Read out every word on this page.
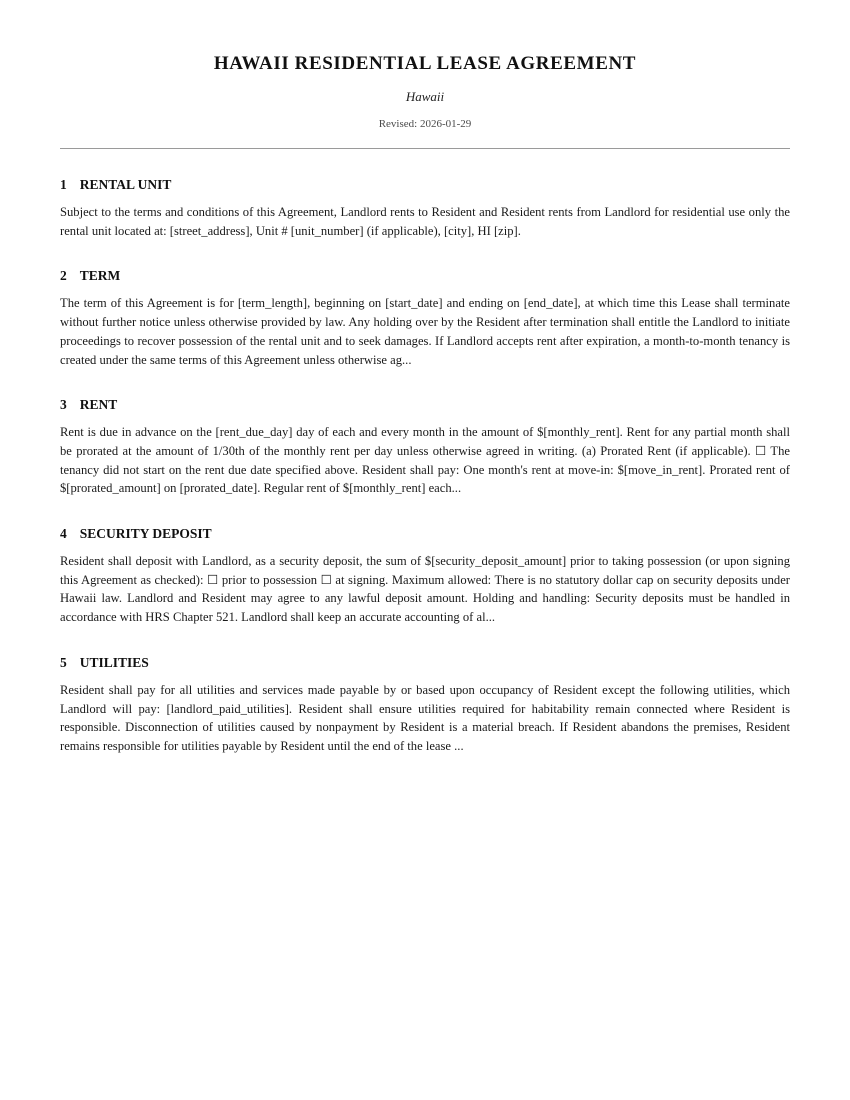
HAWAII RESIDENTIAL LEASE AGREEMENT
Hawaii
Revised: 2026-01-29
1 RENTAL UNIT
Subject to the terms and conditions of this Agreement, Landlord rents to Resident and Resident rents from Landlord for residential use only the rental unit located at: [street_address], Unit # [unit_number] (if applicable), [city], HI [zip].
2 TERM
The term of this Agreement is for [term_length], beginning on [start_date] and ending on [end_date], at which time this Lease shall terminate without further notice unless otherwise provided by law. Any holding over by the Resident after termination shall entitle the Landlord to initiate proceedings to recover possession of the rental unit and to seek damages. If Landlord accepts rent after expiration, a month-to-month tenancy is created under the same terms of this Agreement unless otherwise ag...
3 RENT
Rent is due in advance on the [rent_due_day] day of each and every month in the amount of $[monthly_rent]. Rent for any partial month shall be prorated at the amount of 1/30th of the monthly rent per day unless otherwise agreed in writing. (a) Prorated Rent (if applicable). ☐ The tenancy did not start on the rent due date specified above. Resident shall pay: One month's rent at move-in: $[move_in_rent]. Prorated rent of $[prorated_amount] on [prorated_date]. Regular rent of $[monthly_rent] each...
4 SECURITY DEPOSIT
Resident shall deposit with Landlord, as a security deposit, the sum of $[security_deposit_amount] prior to taking possession (or upon signing this Agreement as checked): ☐ prior to possession ☐ at signing. Maximum allowed: There is no statutory dollar cap on security deposits under Hawaii law. Landlord and Resident may agree to any lawful deposit amount. Holding and handling: Security deposits must be handled in accordance with HRS Chapter 521. Landlord shall keep an accurate accounting of al...
5 UTILITIES
Resident shall pay for all utilities and services made payable by or based upon occupancy of Resident except the following utilities, which Landlord will pay: [landlord_paid_utilities]. Resident shall ensure utilities required for habitability remain connected where Resident is responsible. Disconnection of utilities caused by nonpayment by Resident is a material breach. If Resident abandons the premises, Resident remains responsible for utilities payable by Resident until the end of the lease ...
